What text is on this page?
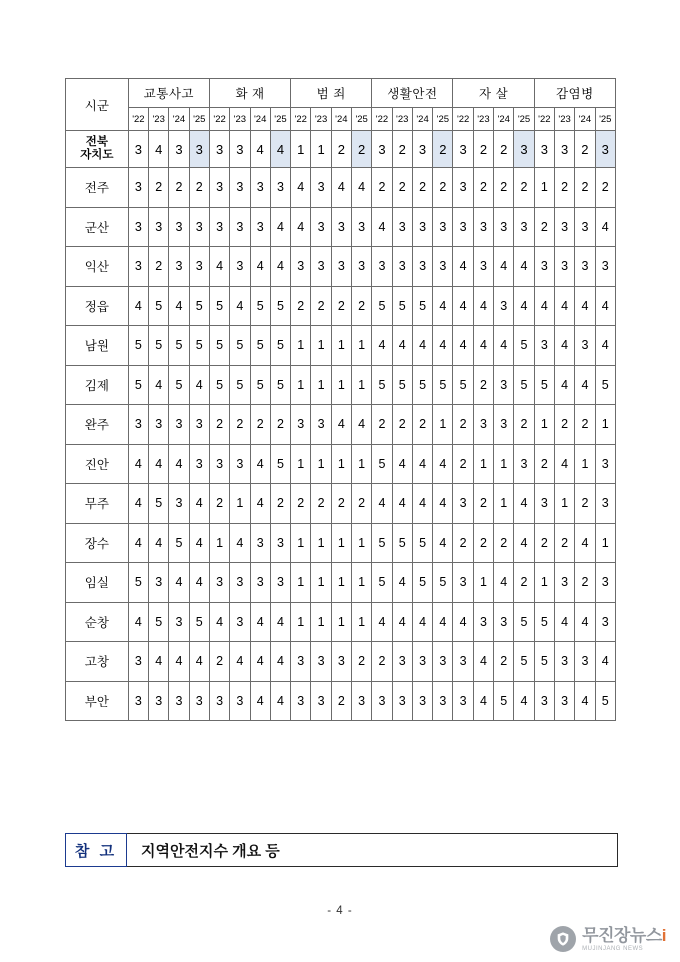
시군	교통사고				화 재				범 죄				생활안전				자 살				감염병			
	'22	'23	'24	'25	'22	'23	'24	'25	'22	'23	'24	'25	'22	'23	'24	'25	'22	'23	'24	'25	'22	'23	'24	'25

전북
자치도	3	4	3	3	3	3	4	4	1	1	2	2	3	2	3	2	3	2	2	3	3	3	2	3
전주	3	2	2	2	3	3	3	3	4	3	4	4	2	2	2	2	3	2	2	2	1	2	2	2
군산	3	3	3	3	3	3	3	4	4	3	3	3	4	3	3	3	3	3	3	3	2	3	3	4
익산	3	2	3	3	4	3	4	4	3	3	3	3	3	3	3	3	4	3	4	4	3	3	3	3
정읍	4	5	4	5	5	4	5	5	2	2	2	2	5	5	5	4	4	4	3	4	4	4	4	4
남원	5	5	5	5	5	5	5	5	1	1	1	1	4	4	4	4	4	4	4	5	3	4	3	4
김제	5	4	5	4	5	5	5	5	1	1	1	1	5	5	5	5	5	2	3	5	5	4	4	5
완주	3	3	3	3	2	2	2	2	3	3	4	4	2	2	2	1	2	3	3	2	1	2	2	1
진안	4	4	4	3	3	3	4	5	1	1	1	1	5	4	4	4	2	1	1	3	2	4	1	3
무주	4	5	3	4	2	1	4	2	2	2	2	2	4	4	4	4	3	2	1	4	3	1	2	3
장수	4	4	5	4	1	4	3	3	1	1	1	1	5	5	5	4	2	2	2	4	2	2	4	1
임실	5	3	4	4	3	3	3	3	1	1	1	1	5	4	5	5	3	1	4	2	1	3	2	3
순창	4	5	3	5	4	3	4	4	1	1	1	1	4	4	4	4	4	3	3	5	5	4	4	3
고창	3	4	4	4	2	4	4	4	3	3	3	2	2	3	3	3	3	4	2	5	5	3	3	4
부안	3	3	3	3	3	3	4	4	3	3	2	3	3	3	3	3	3	4	5	4	3	3	4	5
참 고	지역안전지수 개요 등
- 4 -
무진장뉴스i
MUJINJANG NEWS
